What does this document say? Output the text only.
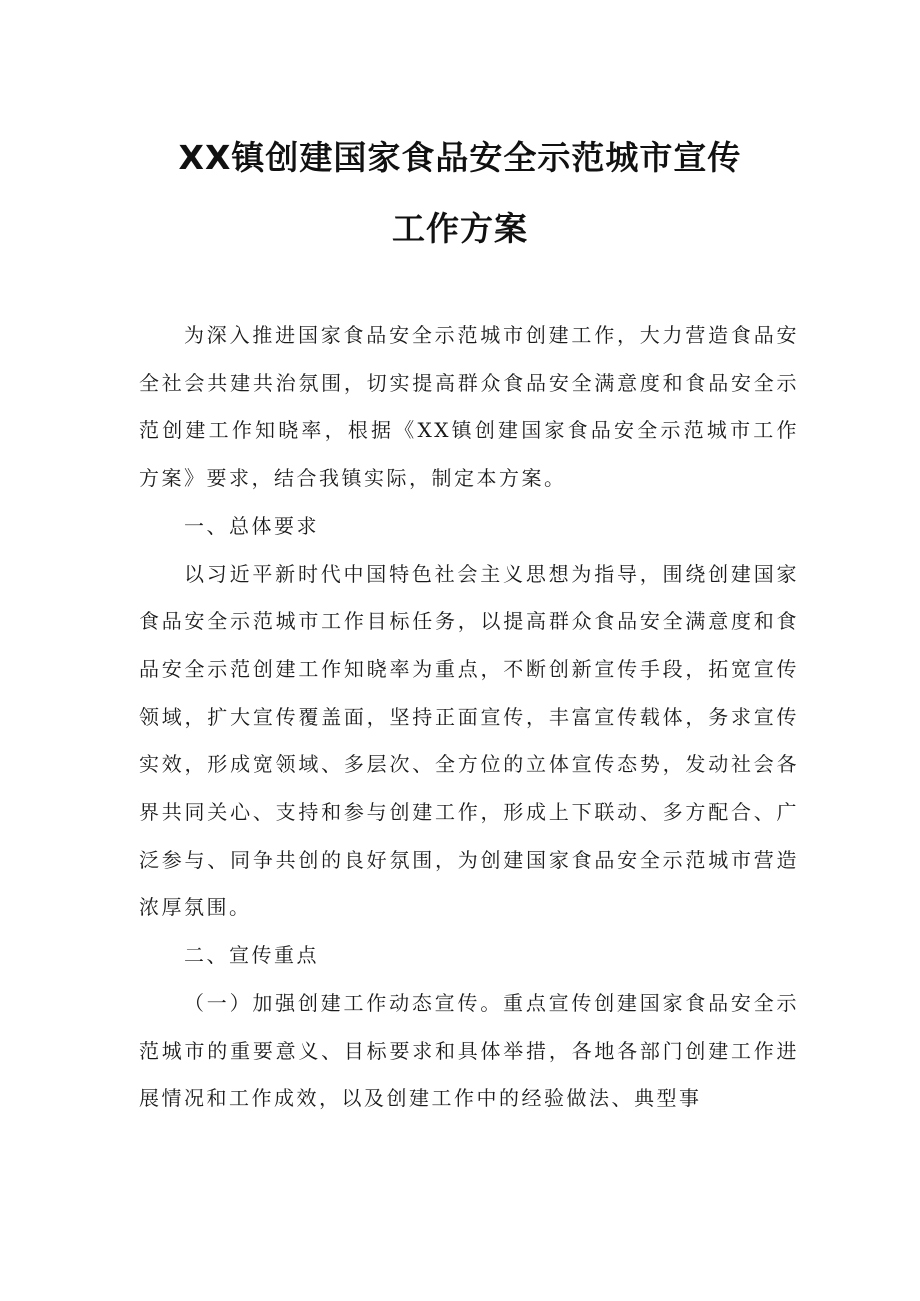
XX镇创建国家食品安全示范城市宣传
工作方案

为深入推进国家食品安全示范城市创建工作，大力营造食品安全社会共建共治氛围，切实提高群众食品安全满意度和食品安全示范创建工作知晓率，根据《XX镇创建国家食品安全示范城市工作方案》要求，结合我镇实际，制定本方案。

一、总体要求

以习近平新时代中国特色社会主义思想为指导，围绕创建国家食品安全示范城市工作目标任务，以提高群众食品安全满意度和食品安全示范创建工作知晓率为重点，不断创新宣传手段，拓宽宣传领域，扩大宣传覆盖面，坚持正面宣传，丰富宣传载体，务求宣传实效，形成宽领域、多层次、全方位的立体宣传态势，发动社会各界共同关心、支持和参与创建工作，形成上下联动、多方配合、广泛参与、同争共创的良好氛围，为创建国家食品安全示范城市营造浓厚氛围。

二、宣传重点

（一）加强创建工作动态宣传。重点宣传创建国家食品安全示范城市的重要意义、目标要求和具体举措，各地各部门创建工作进展情况和工作成效，以及创建工作中的经验做法、典型事
